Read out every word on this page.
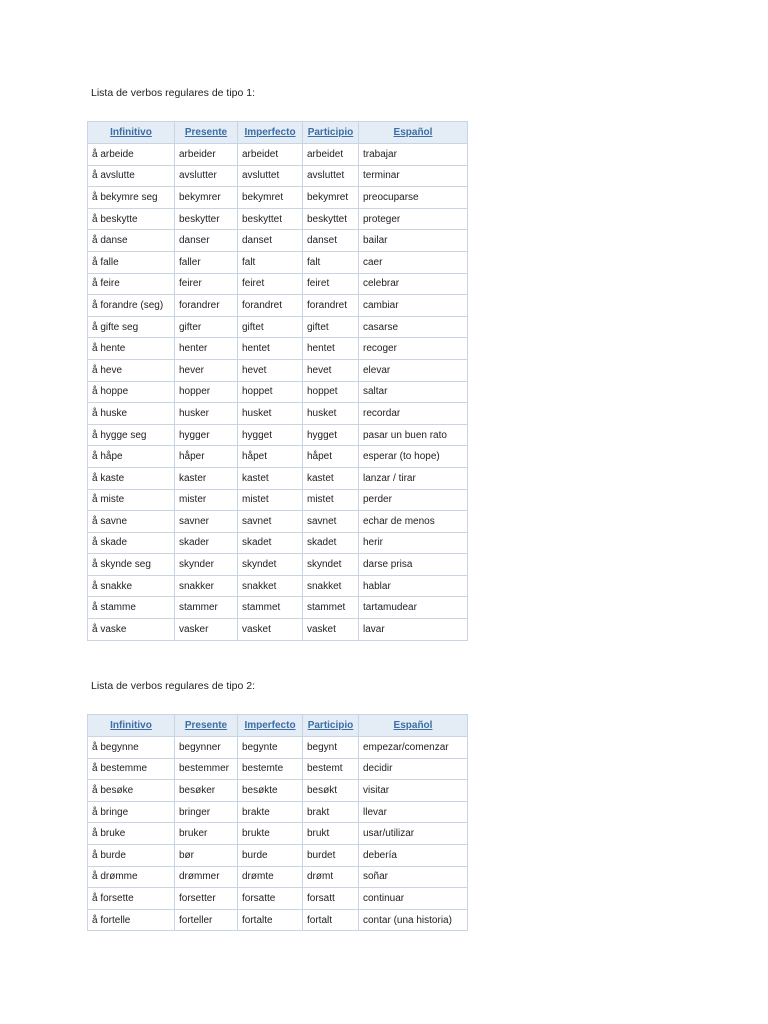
Lista de verbos regulares de tipo 1:
Infinitivo	Presente	Imperfecto	Participio	Español
å arbeide	arbeider	arbeidet	arbeidet	trabajar
å avslutte	avslutter	avsluttet	avsluttet	terminar
å bekymre seg	bekymrer	bekymret	bekymret	preocuparse
å beskytte	beskytter	beskyttet	beskyttet	proteger
å danse	danser	danset	danset	bailar
å falle	faller	falt	falt	caer
å feire	feirer	feiret	feiret	celebrar
å forandre (seg)	forandrer	forandret	forandret	cambiar
å gifte seg	gifter	giftet	giftet	casarse
å hente	henter	hentet	hentet	recoger
å heve	hever	hevet	hevet	elevar
å hoppe	hopper	hoppet	hoppet	saltar
å huske	husker	husket	husket	recordar
å hygge seg	hygger	hygget	hygget	pasar un buen rato
å håpe	håper	håpet	håpet	esperar (to hope)
å kaste	kaster	kastet	kastet	lanzar / tirar
å miste	mister	mistet	mistet	perder
å savne	savner	savnet	savnet	echar de menos
å skade	skader	skadet	skadet	herir
å skynde seg	skynder	skyndet	skyndet	darse prisa
å snakke	snakker	snakket	snakket	hablar
å stamme	stammer	stammet	stammet	tartamudear
å vaske	vasker	vasket	vasket	lavar
Lista de verbos regulares de tipo 2:
Infinitivo	Presente	Imperfecto	Participio	Español
å begynne	begynner	begynte	begynt	empezar/comenzar
å bestemme	bestemmer	bestemte	bestemt	decidir
å besøke	besøker	besøkte	besøkt	visitar
å bringe	bringer	brakte	brakt	llevar
å bruke	bruker	brukte	brukt	usar/utilizar
å burde	bør	burde	burdet	debería
å drømme	drømmer	drømte	drømt	soñar
å forsette	forsetter	forsatte	forsatt	continuar
å fortelle	forteller	fortalte	fortalt	contar (una historia)
